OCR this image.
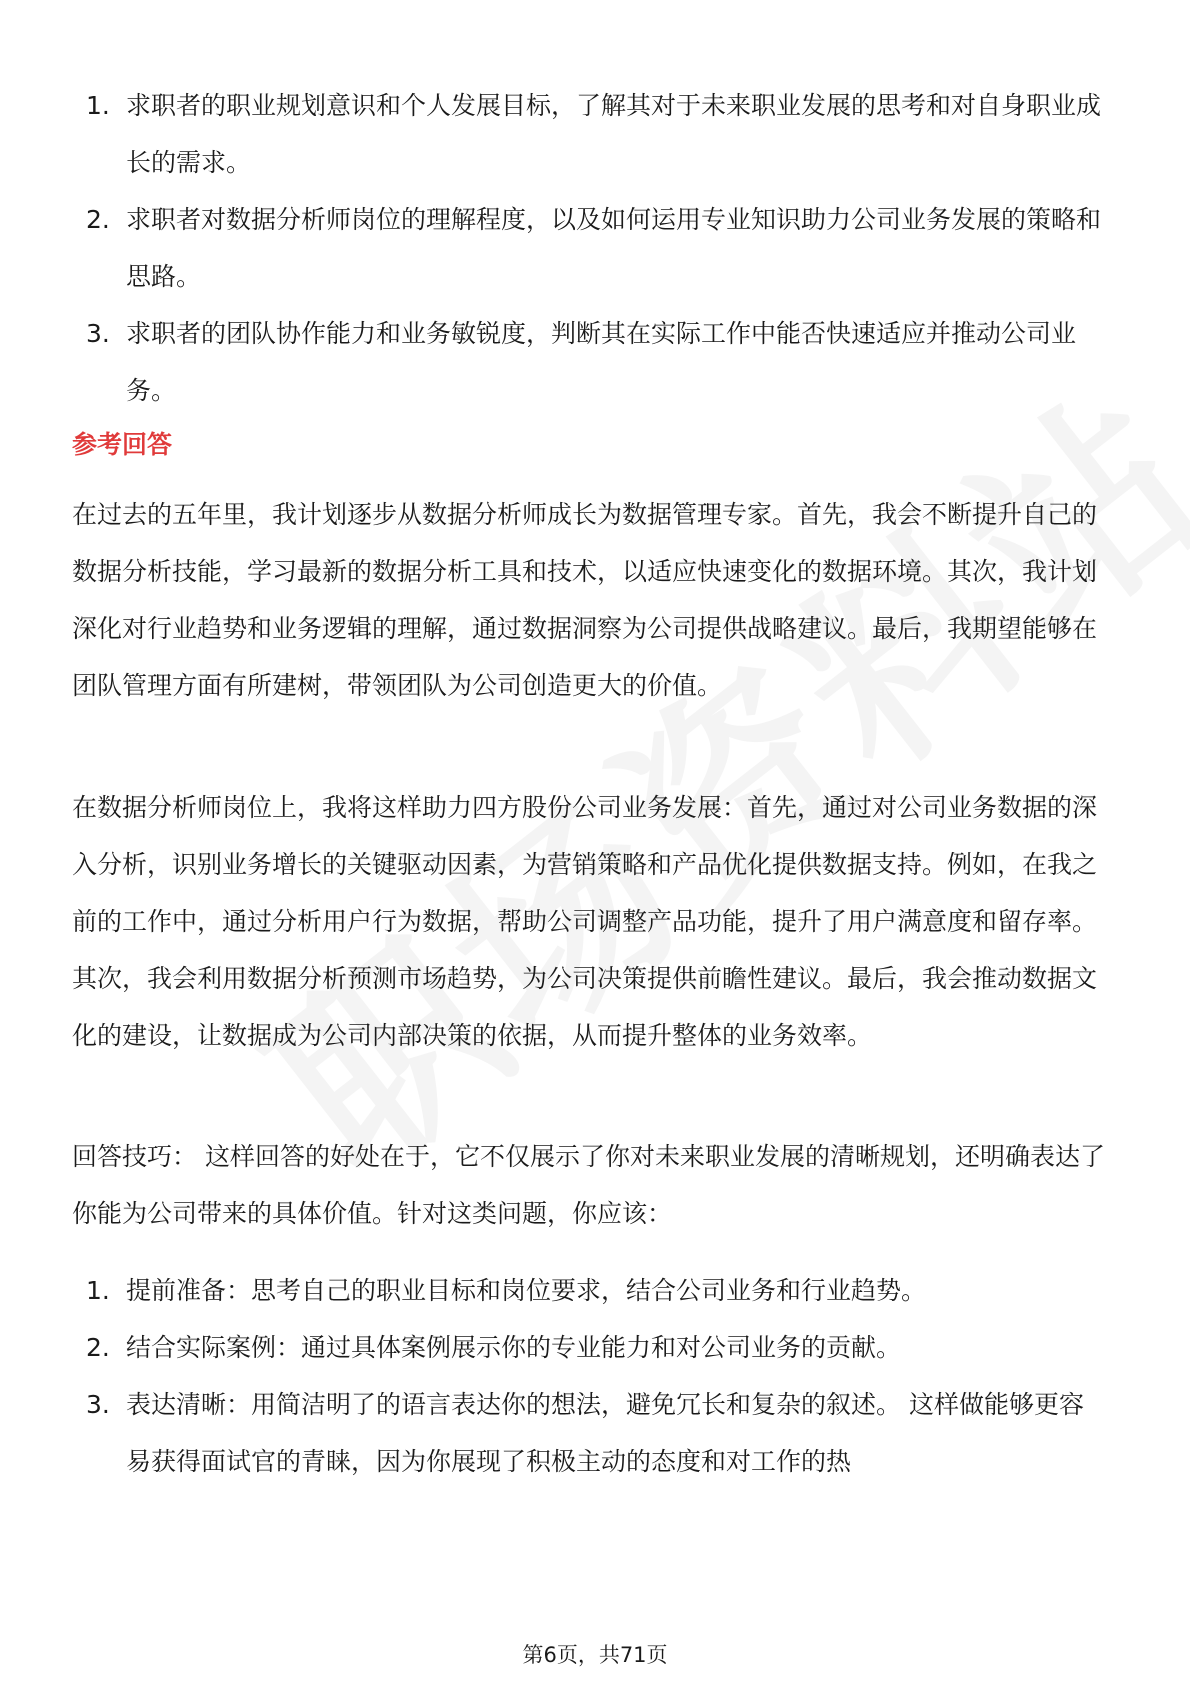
1. 求职者的职业规划意识和个人发展目标，了解其对于未来职业发展的思考和对自身职业成长的需求。
2. 求职者对数据分析师岗位的理解程度，以及如何运用专业知识助力公司业务发展的策略和思路。
3. 求职者的团队协作能力和业务敏锐度，判断其在实际工作中能否快速适应并推动公司业务。
参考回答

在过去的五年里，我计划逐步从数据分析师成长为数据管理专家。首先，我会不断提升自己的数据分析技能，学习最新的数据分析工具和技术，以适应快速变化的数据环境。其次，我计划深化对行业趋势和业务逻辑的理解，通过数据洞察为公司提供战略建议。最后，我期望能够在团队管理方面有所建树，带领团队为公司创造更大的价值。

在数据分析师岗位上，我将这样助力四方股份公司业务发展：首先，通过对公司业务数据的深入分析，识别业务增长的关键驱动因素，为营销策略和产品优化提供数据支持。例如，在我之前的工作中，通过分析用户行为数据，帮助公司调整产品功能，提升了用户满意度和留存率。其次，我会利用数据分析预测市场趋势，为公司决策提供前瞻性建议。最后，我会推动数据文化的建设，让数据成为公司内部决策的依据，从而提升整体的业务效率。

回答技巧： 这样回答的好处在于，它不仅展示了你对未来职业发展的清晰规划，还明确表达了你能为公司带来的具体价值。针对这类问题，你应该：

1. 提前准备：思考自己的职业目标和岗位要求，结合公司业务和行业趋势。
2. 结合实际案例：通过具体案例展示你的专业能力和对公司业务的贡献。
3. 表达清晰：用简洁明了的语言表达你的想法，避免冗长和复杂的叙述。 这样做能够更容易获得面试官的青睐，因为你展现了积极主动的态度和对工作的热
第6页，共71页
